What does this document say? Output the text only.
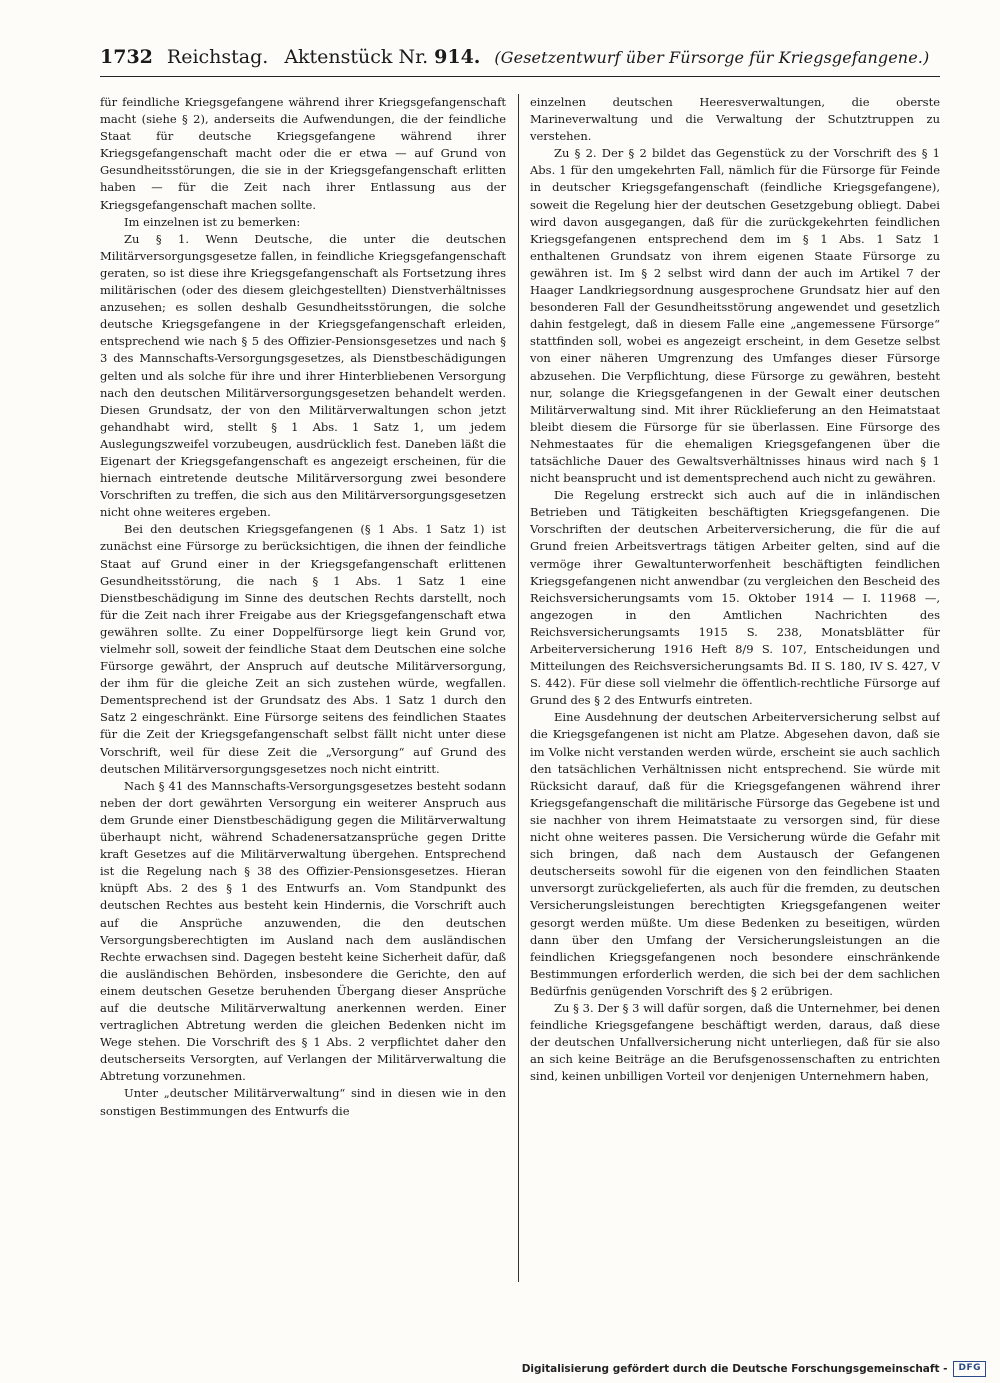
1732 Reichstag. Aktenstück Nr. 914. (Gesetzentwurf über Fürsorge für Kriegsgefangene.)

für feindliche Kriegsgefangene während ihrer Kriegsgefangenschaft macht (siehe § 2), anderseits die Aufwendungen, die der feindliche Staat für deutsche Kriegsgefangene während ihrer Kriegsgefangenschaft macht oder die er etwa — auf Grund von Gesundheitsstörungen, die sie in der Kriegsgefangenschaft erlitten haben — für die Zeit nach ihrer Entlassung aus der Kriegsgefangenschaft machen sollte.

Im einzelnen ist zu bemerken:

Zu § 1. Wenn Deutsche, die unter die deutschen Militärversorgungsgesetze fallen, in feindliche Kriegsgefangenschaft geraten, so ist diese ihre Kriegsgefangenschaft als Fortsetzung ihres militärischen (oder des diesem gleichgestellten) Dienstverhältnisses anzusehen; es sollen deshalb Gesundheitsstörungen, die solche deutsche Kriegsgefangene in der Kriegsgefangenschaft erleiden, entsprechend wie nach § 5 des Offizier-Pensionsgesetzes und nach § 3 des Mannschafts-Versorgungsgesetzes, als Dienstbeschädigungen gelten und als solche für ihre und ihrer Hinterbliebenen Versorgung nach den deutschen Militärversorgungsgesetzen behandelt werden. Diesen Grundsatz, der von den Militärverwaltungen schon jetzt gehandhabt wird, stellt § 1 Abs. 1 Satz 1, um jedem Auslegungszweifel vorzubeugen, ausdrücklich fest. Daneben läßt die Eigenart der Kriegsgefangenschaft es angezeigt erscheinen, für die hiernach eintretende deutsche Militärversorgung zwei besondere Vorschriften zu treffen, die sich aus den Militärversorgungsgesetzen nicht ohne weiteres ergeben.

Bei den deutschen Kriegsgefangenen (§ 1 Abs. 1 Satz 1) ist zunächst eine Fürsorge zu berücksichtigen, die ihnen der feindliche Staat auf Grund einer in der Kriegsgefangenschaft erlittenen Gesundheitsstörung, die nach § 1 Abs. 1 Satz 1 eine Dienstbeschädigung im Sinne des deutschen Rechts darstellt, noch für die Zeit nach ihrer Freigabe aus der Kriegsgefangenschaft etwa gewähren sollte. Zu einer Doppelfürsorge liegt kein Grund vor, vielmehr soll, soweit der feindliche Staat dem Deutschen eine solche Fürsorge gewährt, der Anspruch auf deutsche Militärversorgung, der ihm für die gleiche Zeit an sich zustehen würde, wegfallen. Dementsprechend ist der Grundsatz des Abs. 1 Satz 1 durch den Satz 2 eingeschränkt. Eine Fürsorge seitens des feindlichen Staates für die Zeit der Kriegsgefangenschaft selbst fällt nicht unter diese Vorschrift, weil für diese Zeit die „Versorgung“ auf Grund des deutschen Militärversorgungsgesetzes noch nicht eintritt.

Nach § 41 des Mannschafts-Versorgungsgesetzes besteht sodann neben der dort gewährten Versorgung ein weiterer Anspruch aus dem Grunde einer Dienstbeschädigung gegen die Militärverwaltung überhaupt nicht, während Schadenersatzansprüche gegen Dritte kraft Gesetzes auf die Militärverwaltung übergehen. Entsprechend ist die Regelung nach § 38 des Offizier-Pensionsgesetzes. Hieran knüpft Abs. 2 des § 1 des Entwurfs an. Vom Standpunkt des deutschen Rechtes aus besteht kein Hindernis, die Vorschrift auch auf die Ansprüche anzuwenden, die den deutschen Versorgungsberechtigten im Ausland nach dem ausländischen Rechte erwachsen sind. Dagegen besteht keine Sicherheit dafür, daß die ausländischen Behörden, insbesondere die Gerichte, den auf einem deutschen Gesetze beruhenden Übergang dieser Ansprüche auf die deutsche Militärverwaltung anerkennen werden. Einer vertraglichen Abtretung werden die gleichen Bedenken nicht im Wege stehen. Die Vorschrift des § 1 Abs. 2 verpflichtet daher den deutscherseits Versorgten, auf Verlangen der Militärverwaltung die Abtretung vorzunehmen.

Unter „deutscher Militärverwaltung“ sind in diesen wie in den sonstigen Bestimmungen des Entwurfs die

einzelnen deutschen Heeresverwaltungen, die oberste Marineverwaltung und die Verwaltung der Schutztruppen zu verstehen.

Zu § 2. Der § 2 bildet das Gegenstück zu der Vorschrift des § 1 Abs. 1 für den umgekehrten Fall, nämlich für die Fürsorge für Feinde in deutscher Kriegsgefangenschaft (feindliche Kriegsgefangene), soweit die Regelung hier der deutschen Gesetzgebung obliegt. Dabei wird davon ausgegangen, daß für die zurückgekehrten feindlichen Kriegsgefangenen entsprechend dem im § 1 Abs. 1 Satz 1 enthaltenen Grundsatz von ihrem eigenen Staate Fürsorge zu gewähren ist. Im § 2 selbst wird dann der auch im Artikel 7 der Haager Landkriegsordnung ausgesprochene Grundsatz hier auf den besonderen Fall der Gesundheitsstörung angewendet und gesetzlich dahin festgelegt, daß in diesem Falle eine „angemessene Fürsorge“ stattfinden soll, wobei es angezeigt erscheint, in dem Gesetze selbst von einer näheren Umgrenzung des Umfanges dieser Fürsorge abzusehen. Die Verpflichtung, diese Fürsorge zu gewähren, besteht nur, solange die Kriegsgefangenen in der Gewalt einer deutschen Militärverwaltung sind. Mit ihrer Rücklieferung an den Heimatstaat bleibt diesem die Fürsorge für sie überlassen. Eine Fürsorge des Nehmestaates für die ehemaligen Kriegsgefangenen über die tatsächliche Dauer des Gewaltsverhältnisses hinaus wird nach § 1 nicht beansprucht und ist dementsprechend auch nicht zu gewähren.

Die Regelung erstreckt sich auch auf die in inländischen Betrieben und Tätigkeiten beschäftigten Kriegsgefangenen. Die Vorschriften der deutschen Arbeiterversicherung, die für die auf Grund freien Arbeitsvertrags tätigen Arbeiter gelten, sind auf die vermöge ihrer Gewaltunterworfenheit beschäftigten feindlichen Kriegsgefangenen nicht anwendbar (zu vergleichen den Bescheid des Reichsversicherungsamts vom 15. Oktober 1914 — I. 11968 —, angezogen in den Amtlichen Nachrichten des Reichsversicherungsamts 1915 S. 238, Monatsblätter für Arbeiterversicherung 1916 Heft 8/9 S. 107, Entscheidungen und Mitteilungen des Reichsversicherungsamts Bd. II S. 180, IV S. 427, V S. 442). Für diese soll vielmehr die öffentlich-rechtliche Fürsorge auf Grund des § 2 des Entwurfs eintreten.

Eine Ausdehnung der deutschen Arbeiterversicherung selbst auf die Kriegsgefangenen ist nicht am Platze. Abgesehen davon, daß sie im Volke nicht verstanden werden würde, erscheint sie auch sachlich den tatsächlichen Verhältnissen nicht entsprechend. Sie würde mit Rücksicht darauf, daß für die Kriegsgefangenen während ihrer Kriegsgefangenschaft die militärische Fürsorge das Gegebene ist und sie nachher von ihrem Heimatstaate zu versorgen sind, für diese nicht ohne weiteres passen. Die Versicherung würde die Gefahr mit sich bringen, daß nach dem Austausch der Gefangenen deutscherseits sowohl für die eigenen von den feindlichen Staaten unversorgt zurückgelieferten, als auch für die fremden, zu deutschen Versicherungsleistungen berechtigten Kriegsgefangenen weiter gesorgt werden müßte. Um diese Bedenken zu beseitigen, würden dann über den Umfang der Versicherungsleistungen an die feindlichen Kriegsgefangenen noch besondere einschränkende Bestimmungen erforderlich werden, die sich bei der dem sachlichen Bedürfnis genügenden Vorschrift des § 2 erübrigen.

Zu § 3. Der § 3 will dafür sorgen, daß die Unternehmer, bei denen feindliche Kriegsgefangene beschäftigt werden, daraus, daß diese der deutschen Unfallversicherung nicht unterliegen, daß für sie also an sich keine Beiträge an die Berufsgenossenschaften zu entrichten sind, keinen unbilligen Vorteil vor denjenigen Unternehmern haben,

Digitalisierung gefördert durch die Deutsche Forschungsgemeinschaft -	DFG
